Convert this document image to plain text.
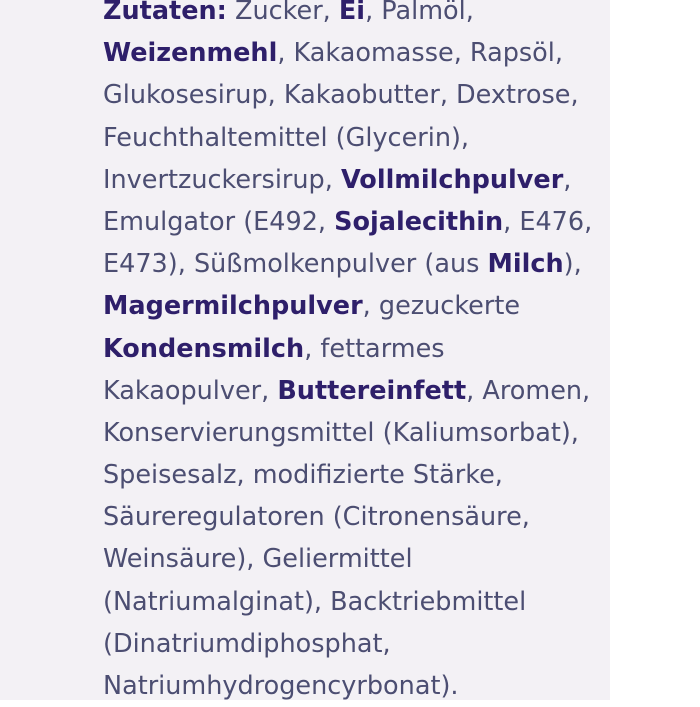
Zutaten: Zucker, Ei, Palmöl,
Weizenmehl, Kakaomasse, Rapsöl,
Glukosesirup, Kakaobutter, Dextrose,
Feuchthaltemittel (Glycerin),
Invertzuckersirup, Vollmilchpulver,
Emulgator (E492, Sojalecithin, E476,
E473), Süßmolkenpulver (aus Milch),
Magermilchpulver, gezuckerte
Kondensmilch, fettarmes
Kakaopulver, Buttereinfett, Aromen,
Konservierungsmittel (Kaliumsorbat),
Speisesalz, modifizierte Stärke,
Säureregulatoren (Citronensäure,
Weinsäure), Geliermittel
(Natriumalginat), Backtriebmittel
(Dinatriumdiphosphat,
Natriumhydrogencyrbonat).
